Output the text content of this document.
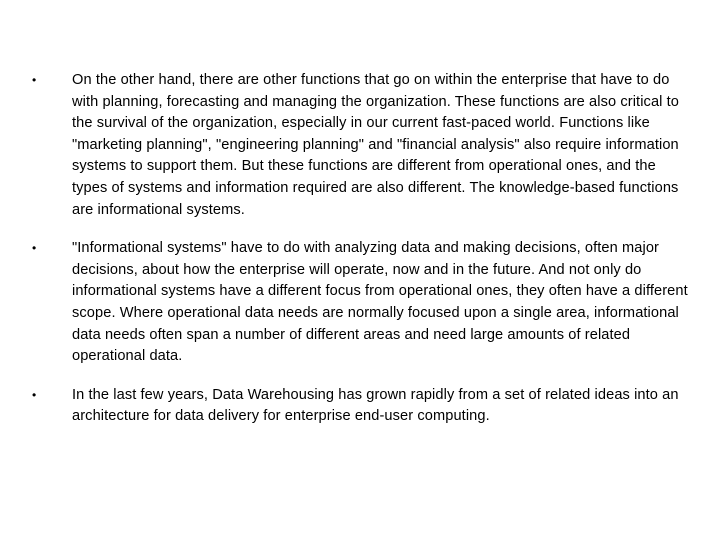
•	On the other hand, there are other functions that go on within the enterprise that have to do with planning, forecasting and managing the organization. These functions are also critical to the survival of the organization, especially in our current fast-paced world. Functions like "marketing planning", "engineering planning" and "financial analysis" also require information systems to support them. But these functions are different from operational ones, and the types of systems and information required are also different. The knowledge-based functions are informational systems.
•	"Informational systems" have to do with analyzing data and making decisions, often major decisions, about how the enterprise will operate, now and in the future. And not only do informational systems have a different focus from operational ones, they often have a different scope. Where operational data needs are normally focused upon a single area, informational data needs often span a number of different areas and need large amounts of related operational data.
•	In the last few years, Data Warehousing has grown rapidly from a set of related ideas into an architecture for data delivery for enterprise end-user computing.
